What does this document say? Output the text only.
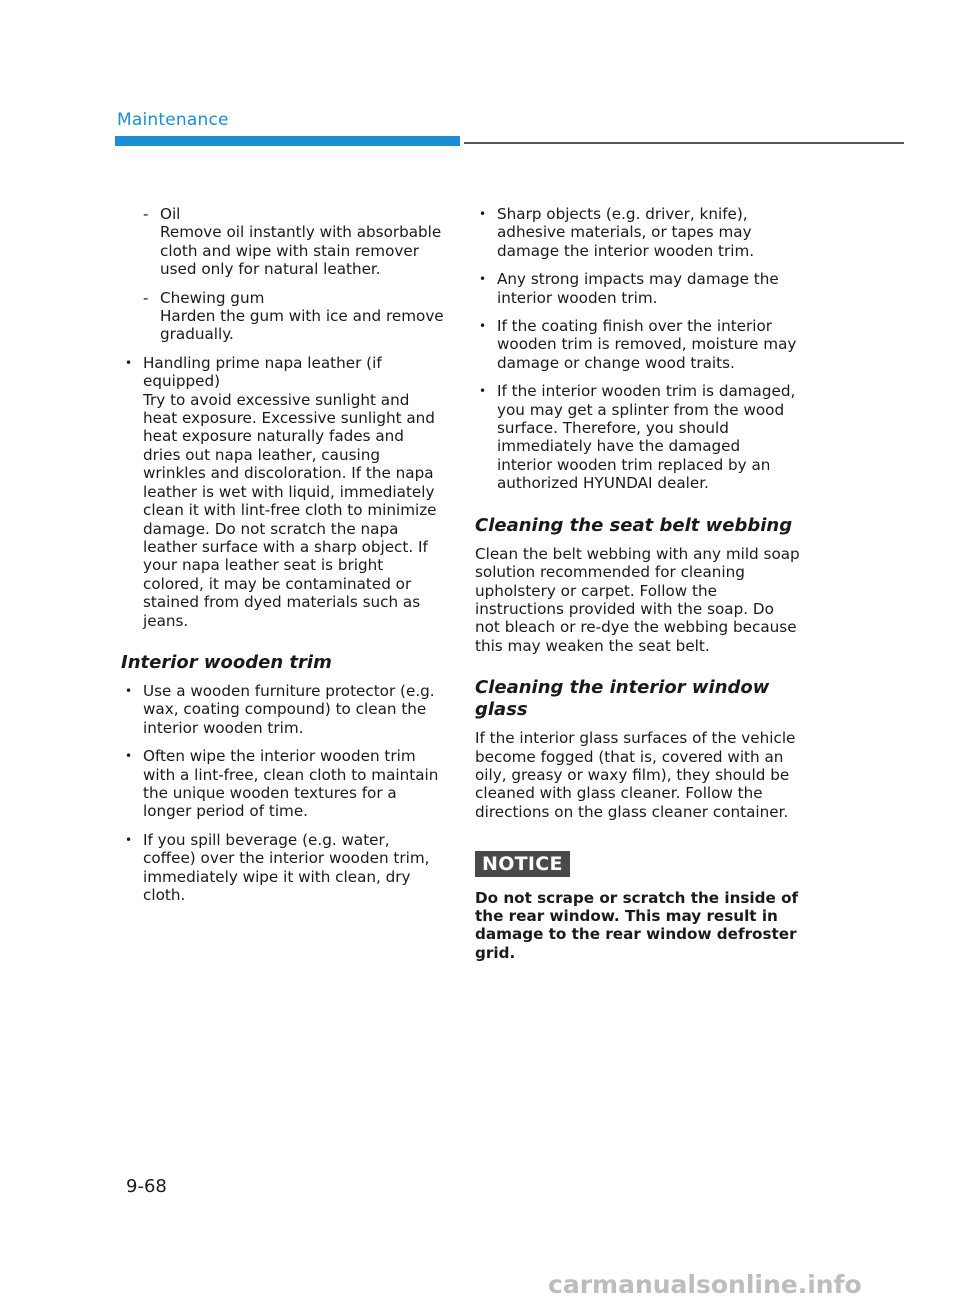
Maintenance
- Oil
Remove oil instantly with absorbable cloth and wipe with stain remover used only for natural leather.
- Chewing gum
Harden the gum with ice and remove gradually.
• Handling prime napa leather (if equipped)
Try to avoid excessive sunlight and heat exposure. Excessive sunlight and heat exposure naturally fades and dries out napa leather, causing wrinkles and discoloration. If the napa leather is wet with liquid, immediately clean it with lint-free cloth to minimize damage. Do not scratch the napa leather surface with a sharp object. If your napa leather seat is bright colored, it may be contaminated or stained from dyed materials such as jeans.
Interior wooden trim
• Use a wooden furniture protector (e.g. wax, coating compound) to clean the interior wooden trim.
• Often wipe the interior wooden trim with a lint-free, clean cloth to maintain the unique wooden textures for a longer period of time.
• If you spill beverage (e.g. water, coffee) over the interior wooden trim, immediately wipe it with clean, dry cloth.
• Sharp objects (e.g. driver, knife), adhesive materials, or tapes may damage the interior wooden trim.
• Any strong impacts may damage the interior wooden trim.
• If the coating finish over the interior wooden trim is removed, moisture may damage or change wood traits.
• If the interior wooden trim is damaged, you may get a splinter from the wood surface. Therefore, you should immediately have the damaged interior wooden trim replaced by an authorized HYUNDAI dealer.
Cleaning the seat belt webbing
Clean the belt webbing with any mild soap solution recommended for cleaning upholstery or carpet. Follow the instructions provided with the soap. Do not bleach or re-dye the webbing because this may weaken the seat belt.
Cleaning the interior window glass
If the interior glass surfaces of the vehicle become fogged (that is, covered with an oily, greasy or waxy film), they should be cleaned with glass cleaner. Follow the directions on the glass cleaner container.
NOTICE
Do not scrape or scratch the inside of the rear window. This may result in damage to the rear window defroster grid.
9-68
carmanualsonline.info
